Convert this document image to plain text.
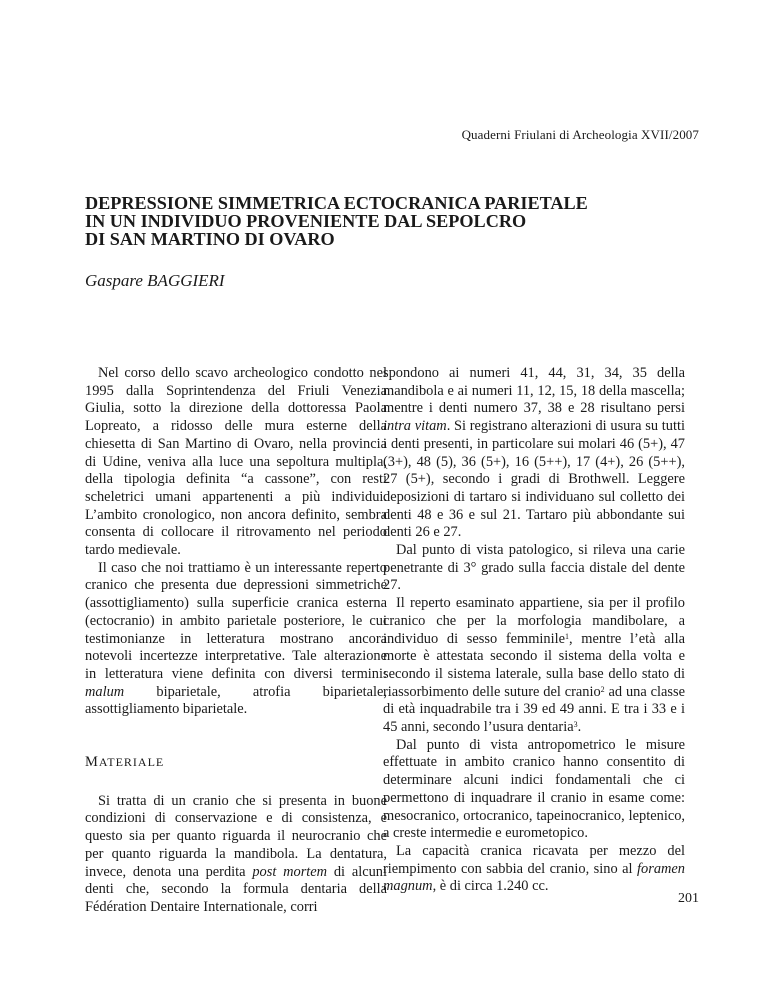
Quaderni Friulani di Archeologia XVII/2007
DEPRESSIONE SIMMETRICA ECTOCRANICA PARIETALE
IN UN INDIVIDUO PROVENIENTE DAL SEPOLCRO
DI SAN MARTINO DI OVARO
Gaspare BAGGIERI

Nel corso dello scavo archeologico condotto nel 1995 dalla Soprintendenza del Friuli Venezia Giulia, sotto la direzione della dottoressa Paola Lopreato, a ridosso delle mura esterne della chiesetta di San Martino di Ovaro, nella provincia di Udine, veniva alla luce una sepoltura multipla, della tipologia definita “a cassone”, con resti scheletrici umani appartenenti a più individui. L’ambito cronologico, non ancora definito, sembra consenta di collocare il ritrovamento nel periodo tardo medievale.

Il caso che noi trattiamo è un interessante reperto cranico che presenta due depressioni simmetriche (assottigliamento) sulla superficie cranica esterna (ectocranio) in ambito parietale posteriore, le cui testimonianze in letteratura mostrano ancora notevoli incertezze interpretative. Tale alterazione in letteratura viene definita con diversi termini: malum biparietale, atrofia biparietale, assottigliamento biparietale.

MATERIALE

Si tratta di un cranio che si presenta in buone condizioni di conservazione e di consistenza, e questo sia per quanto riguarda il neurocranio che per quanto riguarda la mandibola. La dentatura, invece, denota una perdita post mortem di alcuni denti che, secondo la formula dentaria della Fédération Dentaire Internationale, corri

spondono ai numeri 41, 44, 31, 34, 35 della mandibola e ai numeri 11, 12, 15, 18 della mascella; mentre i denti numero 37, 38 e 28 risultano persi intra vitam. Si registrano alterazioni di usura su tutti i denti presenti, in particolare sui molari 46 (5+), 47 (3+), 48 (5), 36 (5+), 16 (5++), 17 (4+), 26 (5++), 27 (5+), secondo i gradi di Brothwell. Leggere deposizioni di tartaro si individuano sul colletto dei denti 48 e 36 e sul 21. Tartaro più abbondante sui denti 26 e 27.

Dal punto di vista patologico, si rileva una carie penetrante di 3° grado sulla faccia distale del dente 27.

Il reperto esaminato appartiene, sia per il profilo cranico che per la morfologia mandibolare, a individuo di sesso femminile$^1$, mentre l’età alla morte è attestata secondo il sistema della volta e secondo il sistema laterale, sulla base dello stato di riassorbimento delle suture del cranio$^2$ ad una classe di età inquadrabile tra i 39 ed 49 anni. E tra i 33 e i 45 anni, secondo l’usura dentaria$^3$.

Dal punto di vista antropometrico le misure effettuate in ambito cranico hanno consentito di determinare alcuni indici fondamentali che ci permettono di inquadrare il cranio in esame come: mesocranico, ortocranico, tapeinocranico, leptenico, a creste intermedie e eurometopico.

La capacità cranica ricavata per mezzo del riempimento con sabbia del cranio, sino al foramen magnum, è di circa 1.240 cc.

201
